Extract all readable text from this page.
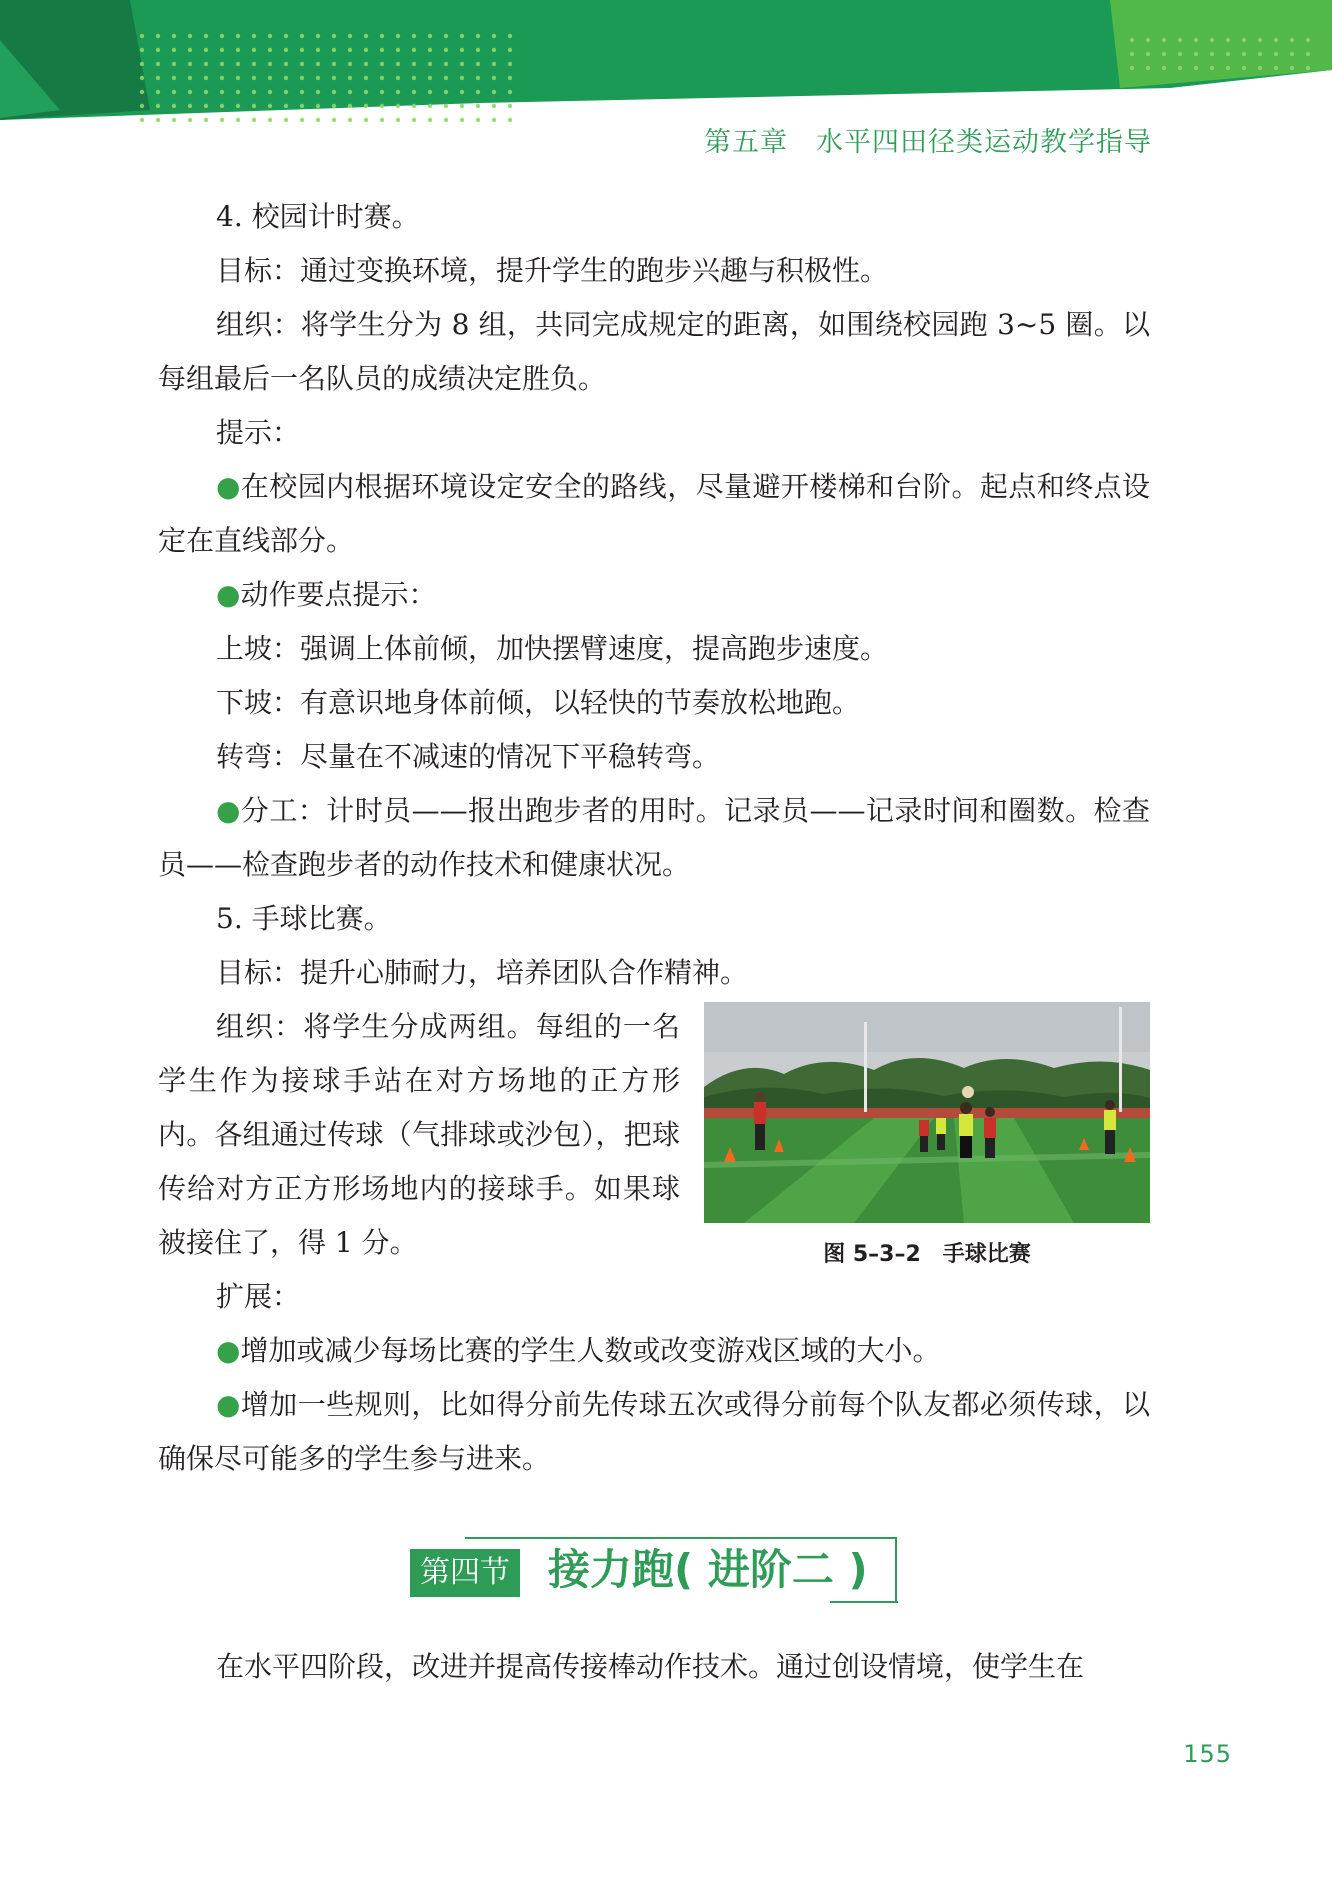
第五章　水平四田径类运动教学指导

4. 校园计时赛。

目标：通过变换环境，提升学生的跑步兴趣与积极性。

组织：将学生分为 8 组，共同完成规定的距离，如围绕校园跑 3~5 圈。以每组最后一名队员的成绩决定胜负。

提示：

●在校园内根据环境设定安全的路线，尽量避开楼梯和台阶。起点和终点设定在直线部分。

●动作要点提示：

上坡：强调上体前倾，加快摆臂速度，提高跑步速度。

下坡：有意识地身体前倾，以轻快的节奏放松地跑。

转弯：尽量在不减速的情况下平稳转弯。

●分工：计时员——报出跑步者的用时。记录员——记录时间和圈数。检查员——检查跑步者的动作技术和健康状况。

5. 手球比赛。

目标：提升心肺耐力，培养团队合作精神。

图 5–3–2　手球比赛

组织：将学生分成两组。每组的一名学生作为接球手站在对方场地的正方形内。各组通过传球（气排球或沙包），把球传给对方正方形场地内的接球手。如果球被接住了，得 1 分。

扩展：

●增加或减少每场比赛的学生人数或改变游戏区域的大小。

●增加一些规则，比如得分前先传球五次或得分前每个队友都必须传球，以确保尽可能多的学生参与进来。

第四节 接力跑( 进阶二 )

在水平四阶段，改进并提高传接棒动作技术。通过创设情境，使学生在

155
